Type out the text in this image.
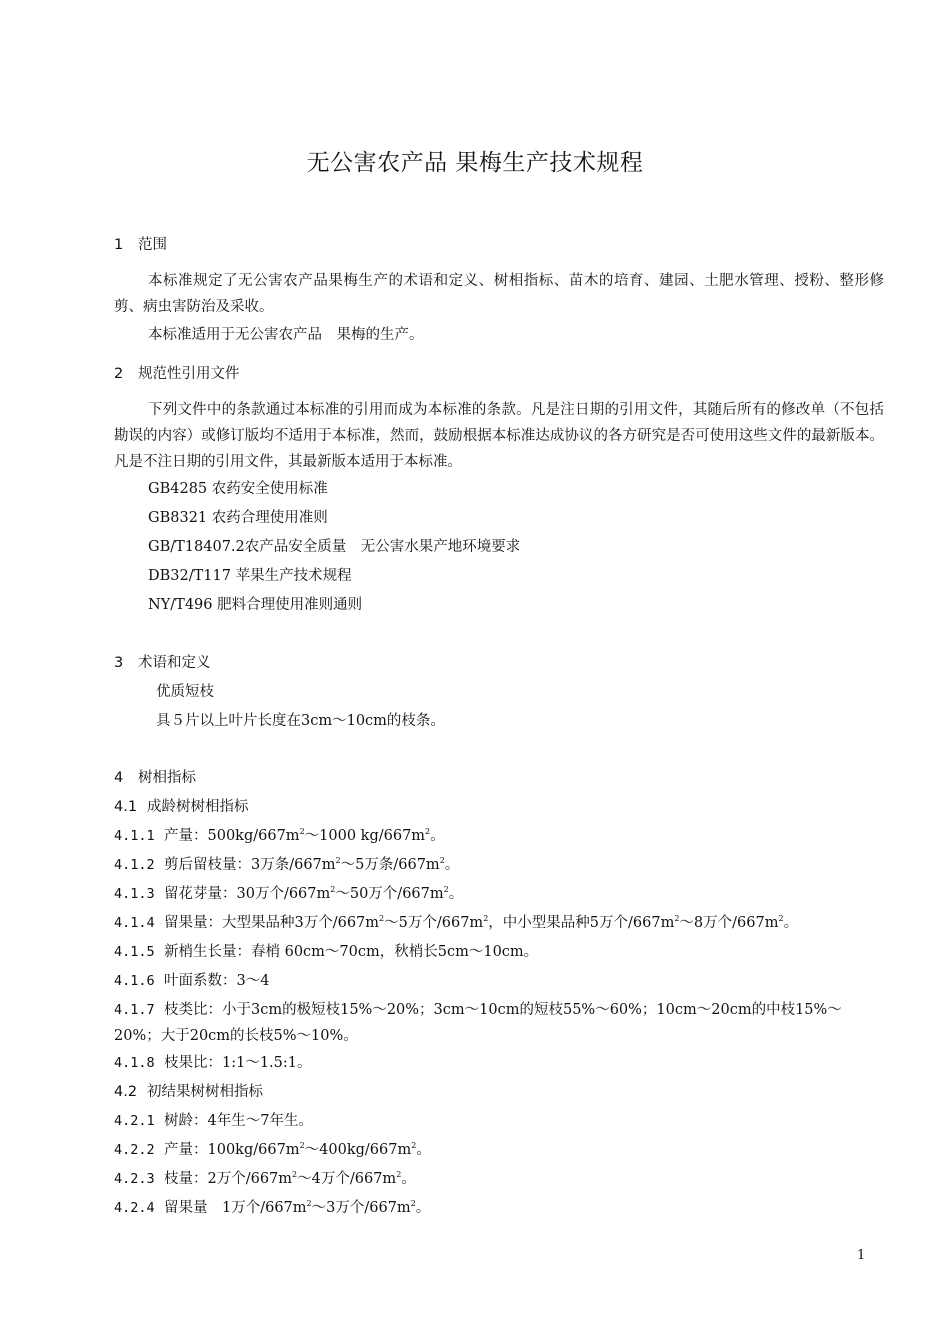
无公害农产品 果梅生产技术规程
1 范围

本标准规定了无公害农产品果梅生产的术语和定义、树相指标、苗木的培育、建园、土肥水管理、授粉、整形修剪、病虫害防治及采收。

本标准适用于无公害农产品　果梅的生产。

2 规范性引用文件

下列文件中的条款通过本标准的引用而成为本标准的条款。凡是注日期的引用文件，其随后所有的修改单（不包括勘误的内容）或修订版均不适用于本标准，然而，鼓励根据本标准达成协议的各方研究是否可使用这些文件的最新版本。凡是不注日期的引用文件，其最新版本适用于本标准。

GB4285 农药安全使用标准
GB8321 农药合理使用准则
GB/T18407.2农产品安全质量　无公害水果产地环境要求
DB32/T117 苹果生产技术规程
NY/T496 肥料合理使用准则通则
3 术语和定义
优质短枝
具５片以上叶片长度在3cm～10cm的枝条。
4 树相指标
4.1 成龄树树相指标
4.1.1 产量：$500kg/667m^2\sim 1000$ $kg/667m^2$。
4.1.2 剪后留枝量：3万条$/667m^2\sim 5$万条$/667m^2$。
4.1.3 留花芽量：30万个$/667m^2\sim 50$万个$/667m^2$。
4.1.4 留果量：大型果品种3万个$/667m^2\sim 5$万个$/667m^2$，中小型果品种5万个$/667m^2\sim 8$万个$/667m^2$。
4.1.5 新梢生长量：春梢 60cm～70cm，秋梢长5cm～10cm。
4.1.6 叶面系数：3～4
4.1.7 枝类比：小于3cm的极短枝15%～20%；3cm～10cm的短枝55%～60%；10cm～20cm的中枝15%～20%；大于20cm的长枝5%～10%。
4.1.8 枝果比：1:1～1.5:1。
4.2 初结果树树相指标
4.2.1 树龄：4年生～7年生。
4.2.2 产量：$100kg/667m^2\sim 400kg/667m^2$。
4.2.3 枝量：2万个$/667m^2\sim 4$万个$/667m^2$。
4.2.4 留果量　1万个$/667m^2\sim 3$万个$/667m^2$。
1
